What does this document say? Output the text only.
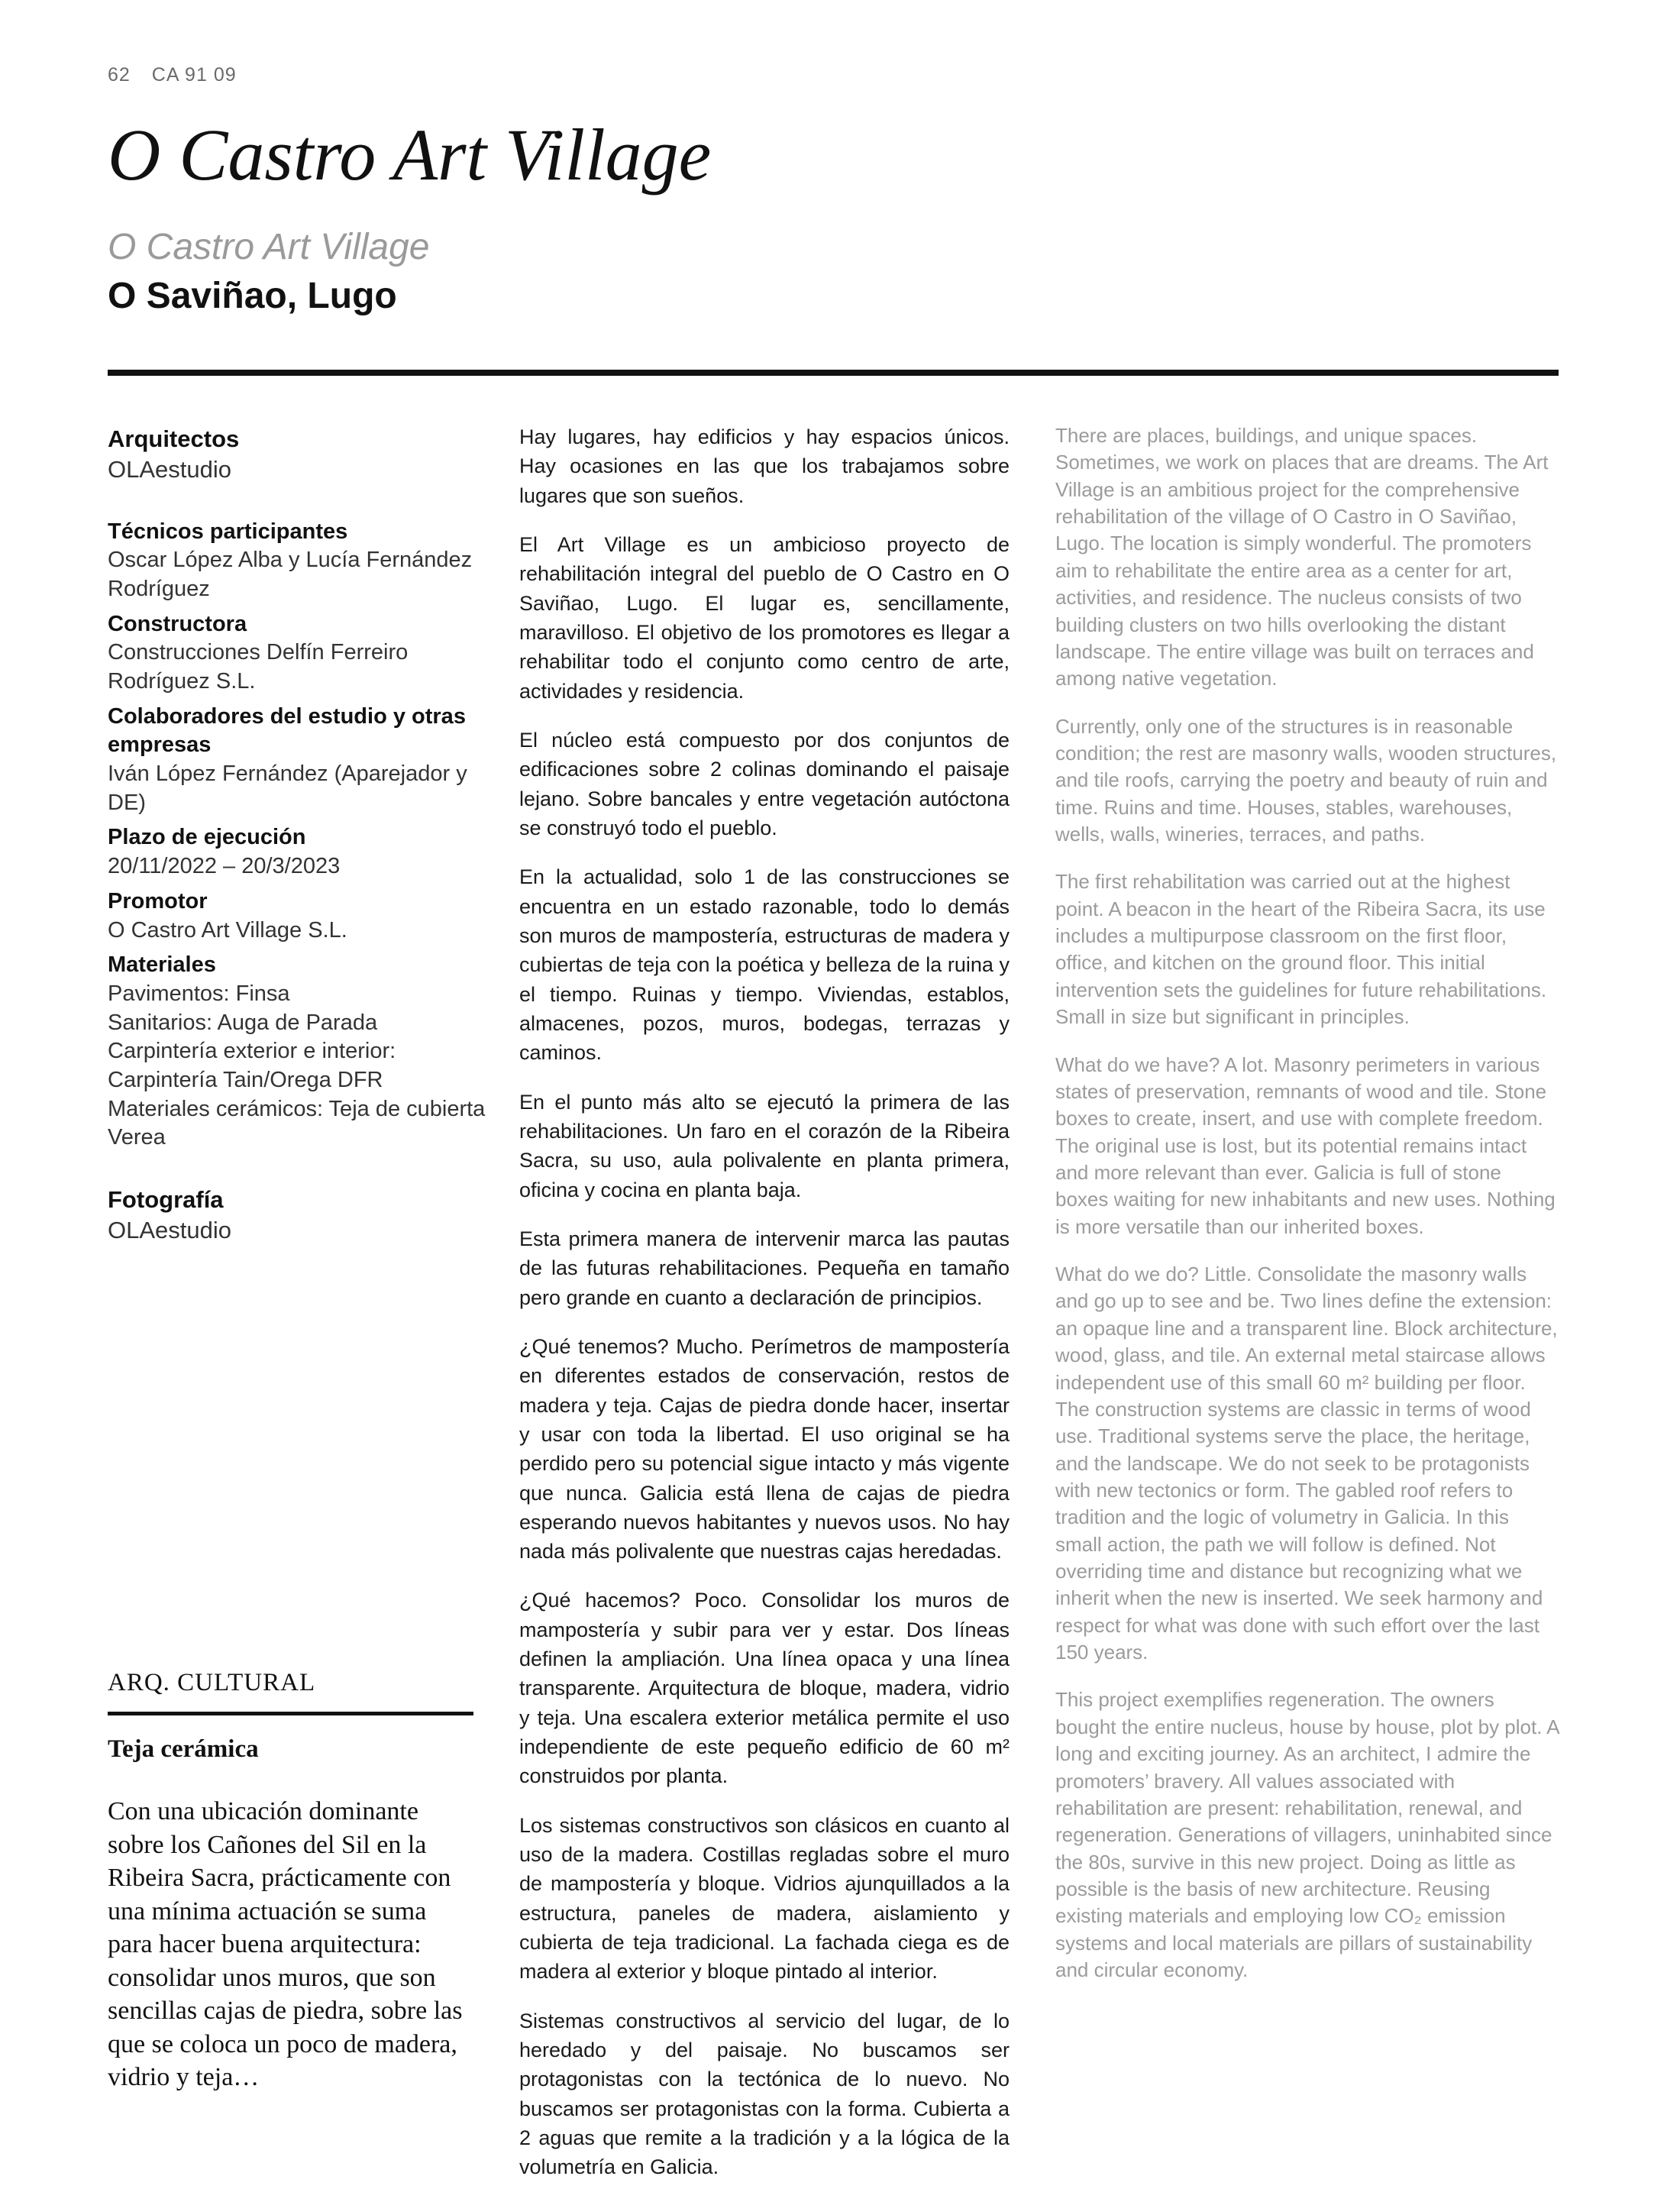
62 CA 91 09
O Castro Art Village
O Castro Art Village
O Saviñao, Lugo
Arquitectos
OLAestudio
Técnicos participantes
Oscar López Alba y Lucía Fernández Rodríguez
Constructora
Construcciones Delfín Ferreiro Rodríguez S.L.
Colaboradores del estudio y otras empresas
Iván López Fernández (Aparejador y DE)
Plazo de ejecución
20/11/2022 – 20/3/2023
Promotor
O Castro Art Village S.L.
Materiales
Pavimentos: Finsa
Sanitarios: Auga de Parada
Carpintería exterior e interior: Carpintería Tain/Orega DFR
Materiales cerámicos: Teja de cubierta Verea
Fotografía
OLAestudio
ARQ. CULTURAL
Teja cerámica
Con una ubicación dominante sobre los Cañones del Sil en la Ribeira Sacra, prácticamente con una mínima actuación se suma para hacer buena arquitectura: consolidar unos muros, que son sencillas cajas de piedra, sobre las que se coloca un poco de madera, vidrio y teja…

Hay lugares, hay edificios y hay espacios únicos. Hay ocasiones en las que los trabajamos sobre lugares que son sueños.

El Art Village es un ambicioso proyecto de rehabilitación integral del pueblo de O Castro en O Saviñao, Lugo. El lugar es, sencillamente, maravilloso. El objetivo de los promotores es llegar a rehabilitar todo el conjunto como centro de arte, actividades y residencia.

El núcleo está compuesto por dos conjuntos de edificaciones sobre 2 colinas dominando el paisaje lejano. Sobre bancales y entre vegetación autóctona se construyó todo el pueblo.

En la actualidad, solo 1 de las construcciones se encuentra en un estado razonable, todo lo demás son muros de mampostería, estructuras de madera y cubiertas de teja con la poética y belleza de la ruina y el tiempo. Ruinas y tiempo. Viviendas, establos, almacenes, pozos, muros, bodegas, terrazas y caminos.

En el punto más alto se ejecutó la primera de las rehabilitaciones. Un faro en el corazón de la Ribeira Sacra, su uso, aula polivalente en planta primera, oficina y cocina en planta baja.

Esta primera manera de intervenir marca las pautas de las futuras rehabilitaciones. Pequeña en tamaño pero grande en cuanto a declaración de principios.

¿Qué tenemos? Mucho. Perímetros de mampostería en diferentes estados de conservación, restos de madera y teja. Cajas de piedra donde hacer, insertar y usar con toda la libertad. El uso original se ha perdido pero su potencial sigue intacto y más vigente que nunca. Galicia está llena de cajas de piedra esperando nuevos habitantes y nuevos usos. No hay nada más polivalente que nuestras cajas heredadas.

¿Qué hacemos? Poco. Consolidar los muros de mampostería y subir para ver y estar. Dos líneas definen la ampliación. Una línea opaca y una línea transparente. Arquitectura de bloque, madera, vidrio y teja. Una escalera exterior metálica permite el uso independiente de este pequeño edificio de 60 m² construidos por planta.

Los sistemas constructivos son clásicos en cuanto al uso de la madera. Costillas regladas sobre el muro de mampostería y bloque. Vidrios ajunquillados a la estructura, paneles de madera, aislamiento y cubierta de teja tradicional. La fachada ciega es de madera al exterior y bloque pintado al interior.

Sistemas constructivos al servicio del lugar, de lo heredado y del paisaje. No buscamos ser protagonistas con la tectónica de lo nuevo. No buscamos ser protagonistas con la forma. Cubierta a 2 aguas que remite a la tradición y a la lógica de la volumetría en Galicia.

There are places, buildings, and unique spaces. Sometimes, we work on places that are dreams. The Art Village is an ambitious project for the comprehensive rehabilitation of the village of O Castro in O Saviñao, Lugo. The location is simply wonderful. The promoters aim to rehabilitate the entire area as a center for art, activities, and residence. The nucleus consists of two building clusters on two hills overlooking the distant landscape. The entire village was built on terraces and among native vegetation.

Currently, only one of the structures is in reasonable condition; the rest are masonry walls, wooden structures, and tile roofs, carrying the poetry and beauty of ruin and time. Ruins and time. Houses, stables, warehouses, wells, walls, wineries, terraces, and paths.

The first rehabilitation was carried out at the highest point. A beacon in the heart of the Ribeira Sacra, its use includes a multipurpose classroom on the first floor, office, and kitchen on the ground floor. This initial intervention sets the guidelines for future rehabilitations. Small in size but significant in principles.

What do we have? A lot. Masonry perimeters in various states of preservation, remnants of wood and tile. Stone boxes to create, insert, and use with complete freedom. The original use is lost, but its potential remains intact and more relevant than ever. Galicia is full of stone boxes waiting for new inhabitants and new uses. Nothing is more versatile than our inherited boxes.

What do we do? Little. Consolidate the masonry walls and go up to see and be. Two lines define the extension: an opaque line and a transparent line. Block architecture, wood, glass, and tile. An external metal staircase allows independent use of this small 60 m² building per floor. The construction systems are classic in terms of wood use. Traditional systems serve the place, the heritage, and the landscape. We do not seek to be protagonists with new tectonics or form. The gabled roof refers to tradition and the logic of volumetry in Galicia. In this small action, the path we will follow is defined. Not overriding time and distance but recognizing what we inherit when the new is inserted. We seek harmony and respect for what was done with such effort over the last 150 years.

This project exemplifies regeneration. The owners bought the entire nucleus, house by house, plot by plot. A long and exciting journey. As an architect, I admire the promoters’ bravery. All values associated with rehabilitation are present: rehabilitation, renewal, and regeneration. Generations of villagers, uninhabited since the 80s, survive in this new project. Doing as little as possible is the basis of new architecture. Reusing existing materials and employing low CO₂ emission systems and local materials are pillars of sustainability and circular economy.
